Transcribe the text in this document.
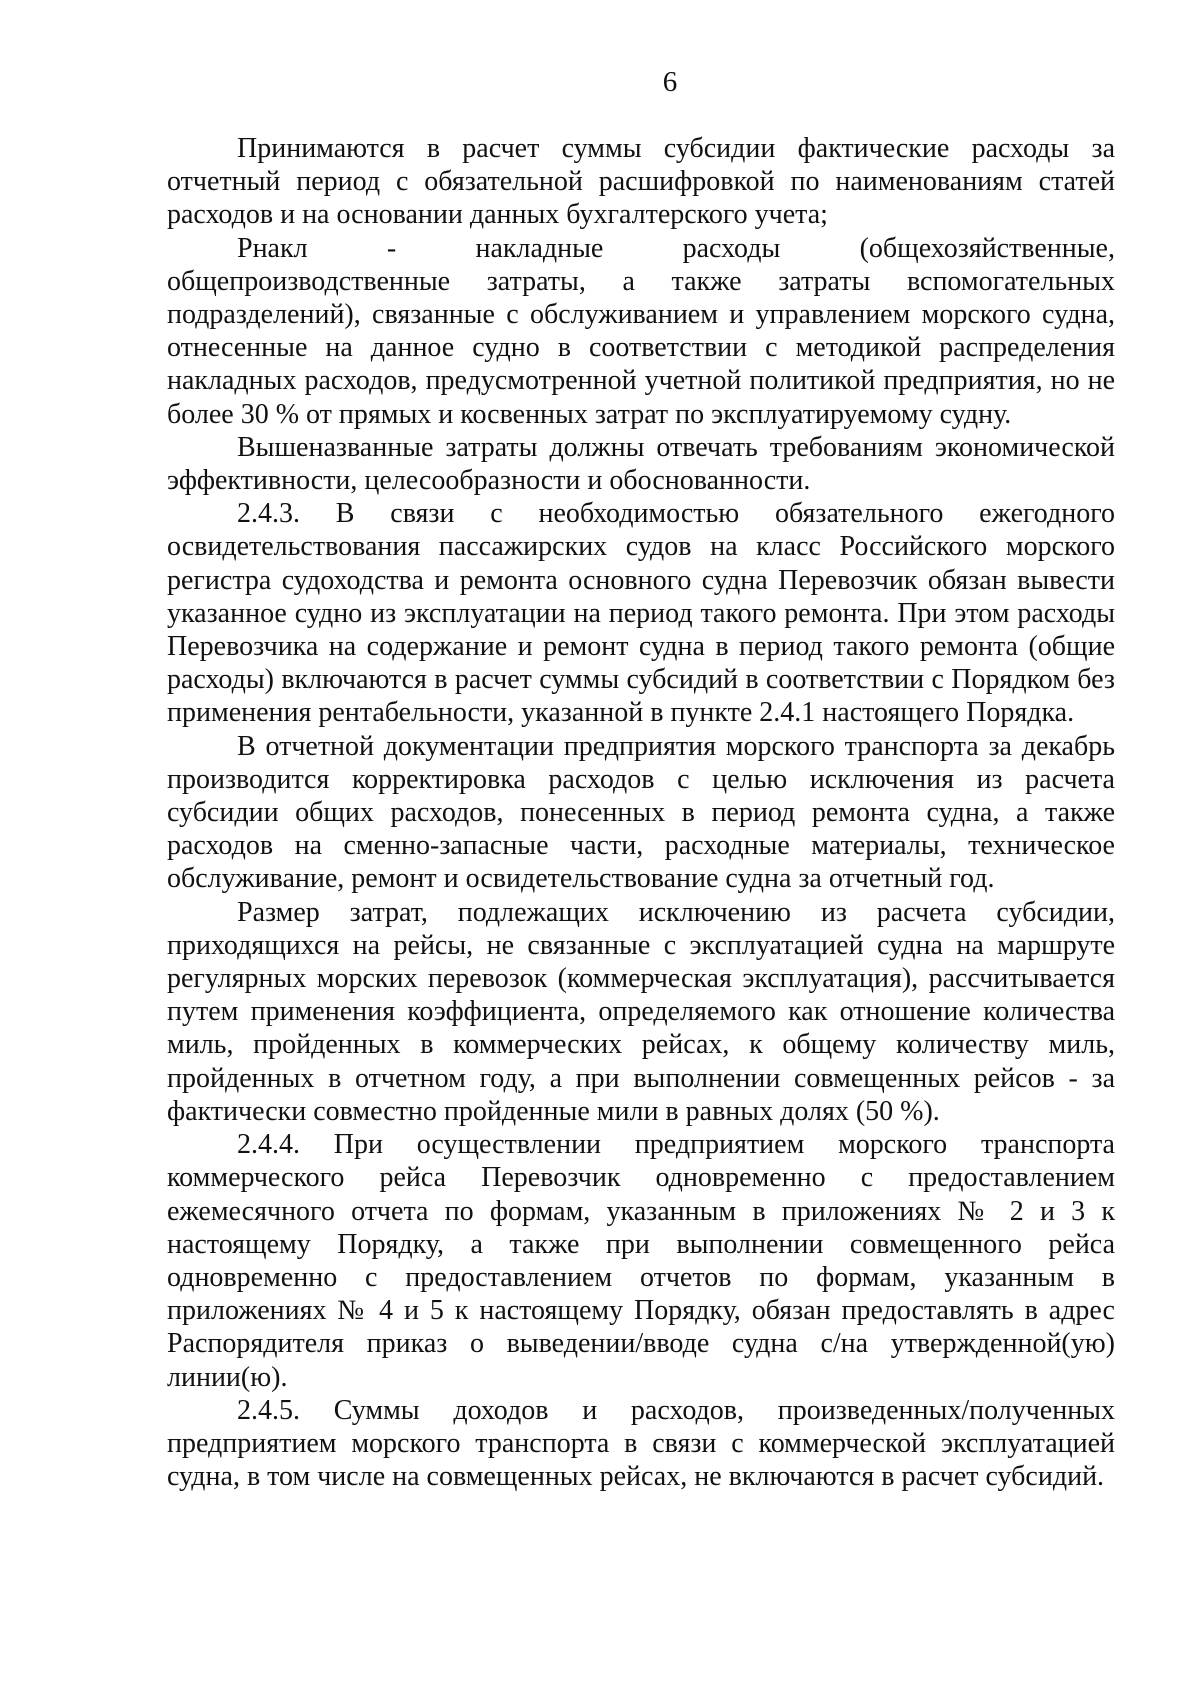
6

Принимаются в расчет суммы субсидии фактические расходы за отчетный период с обязательной расшифровкой по наименованиям статей расходов и на основании данных бухгалтерского учета;

Рнакл - накладные расходы (общехозяйственные, общепроизводственные затраты, а также затраты вспомогательных подразделений), связанные с обслуживанием и управлением морского судна, отнесенные на данное судно в соответствии с методикой распределения накладных расходов, предусмотренной учетной политикой предприятия, но не более 30 % от прямых и косвенных затрат по эксплуатируемому судну.

Вышеназванные затраты должны отвечать требованиям экономической эффективности, целесообразности и обоснованности.

2.4.3. В связи с необходимостью обязательного ежегодного освидетельствования пассажирских судов на класс Российского морского регистра судоходства и ремонта основного судна Перевозчик обязан вывести указанное судно из эксплуатации на период такого ремонта. При этом расходы Перевозчика на содержание и ремонт судна в период такого ремонта (общие расходы) включаются в расчет суммы субсидий в соответствии с Порядком без применения рентабельности, указанной в пункте 2.4.1 настоящего Порядка.

В отчетной документации предприятия морского транспорта за декабрь производится корректировка расходов с целью исключения из расчета субсидии общих расходов, понесенных в период ремонта судна, а также расходов на сменно-запасные части, расходные материалы, техническое обслуживание, ремонт и освидетельствование судна за отчетный год.

Размер затрат, подлежащих исключению из расчета субсидии, приходящихся на рейсы, не связанные с эксплуатацией судна на маршруте регулярных морских перевозок (коммерческая эксплуатация), рассчитывается путем применения коэффициента, определяемого как отношение количества миль, пройденных в коммерческих рейсах, к общему количеству миль, пройденных в отчетном году, а при выполнении совмещенных рейсов - за фактически совместно пройденные мили в равных долях (50 %).

2.4.4. При осуществлении предприятием морского транспорта коммерческого рейса Перевозчик одновременно с предоставлением ежемесячного отчета по формам, указанным в приложениях № 2 и 3 к настоящему Порядку, а также при выполнении совмещенного рейса одновременно с предоставлением отчетов по формам, указанным в приложениях № 4 и 5 к настоящему Порядку, обязан предоставлять в адрес Распорядителя приказ о выведении/вводе судна с/на утвержденной(ую) линии(ю).

2.4.5. Суммы доходов и расходов, произведенных/полученных предприятием морского транспорта в связи с коммерческой эксплуатацией судна, в том числе на совмещенных рейсах, не включаются в расчет субсидий.
